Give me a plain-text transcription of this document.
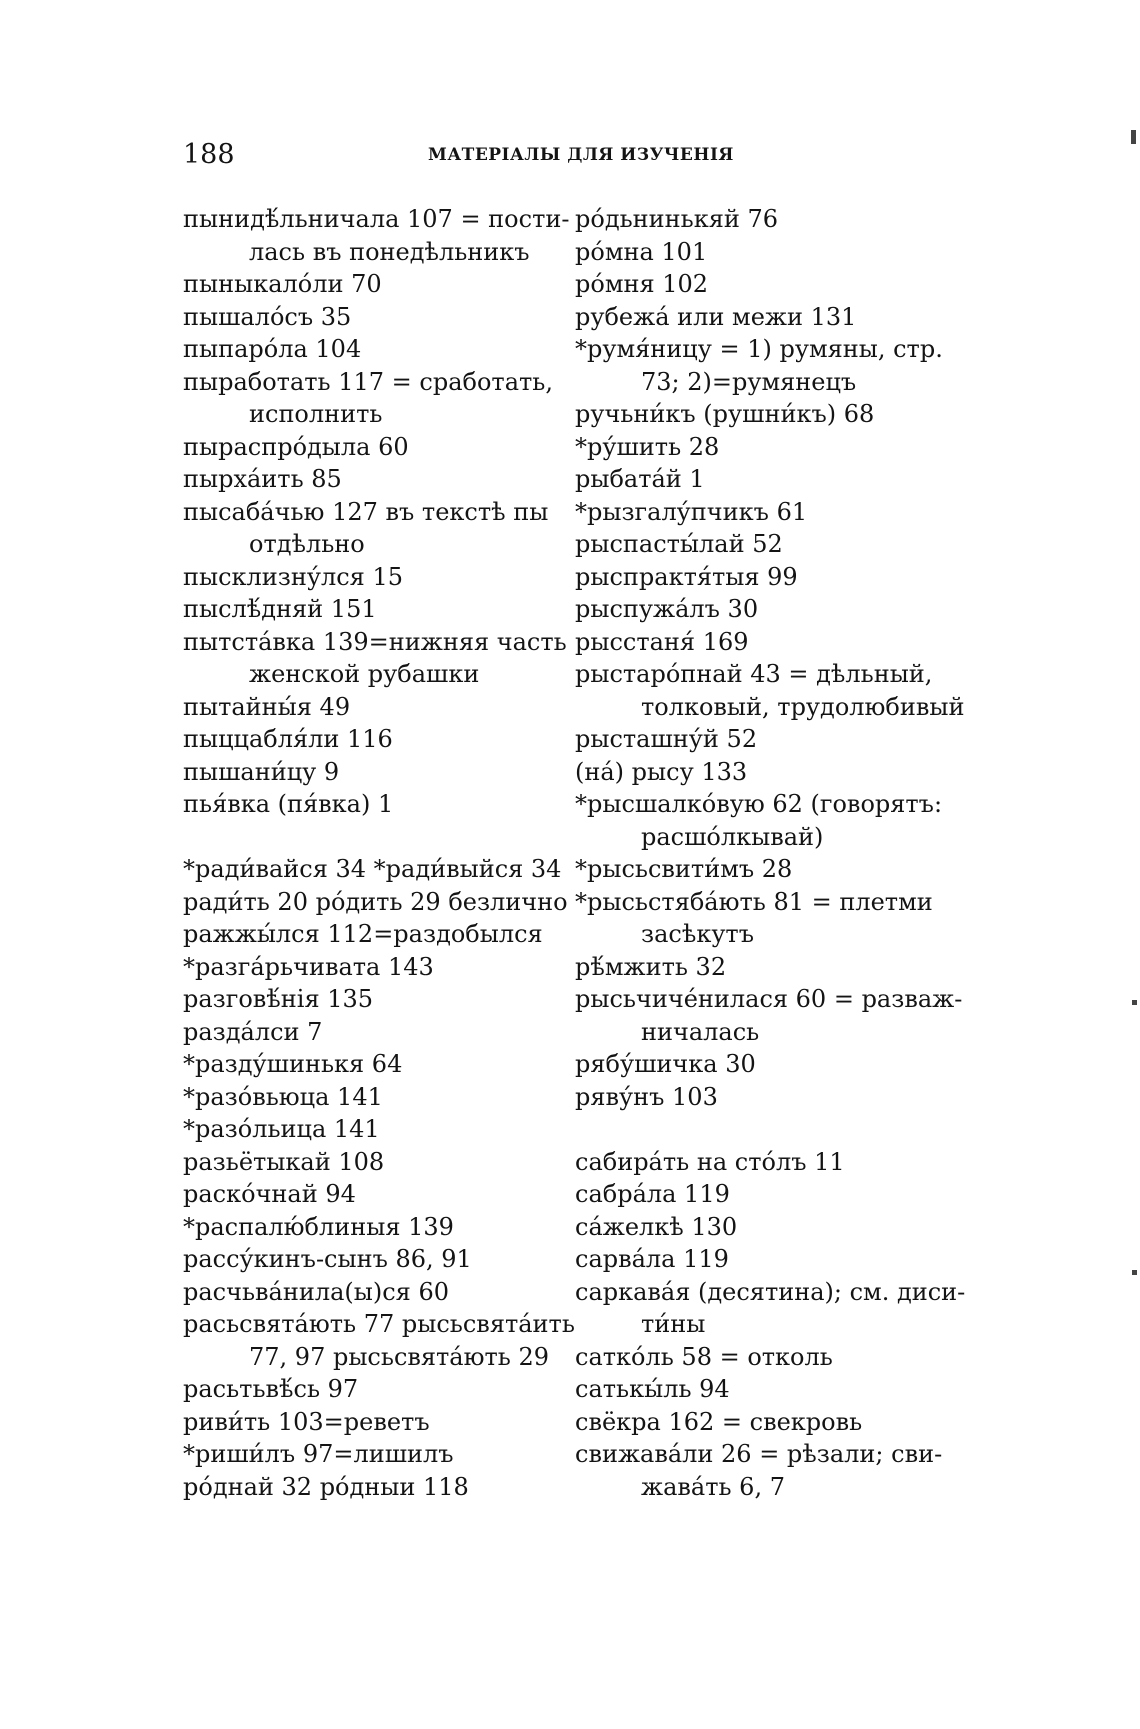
188	МАТЕРІАЛЫ ДЛЯ ИЗУЧЕНІЯ
пынидѣ́льничала 107 = пости-
лась въ понедѣльникъ
пыныкало́ли 70
пышало́съ 35
пыпаро́ла 104
пыработать 117 = сработать,
исполнить
пыраспро́дыла 60
пырха́ить 85
пысаба́чью 127 въ текстѣ пы
отдѣльно
пысклизну́лся 15
пыслѣ́дняй 151
пытста́вка 139=нижняя часть
женской рубашки
пытайны́я 49
пыццабля́ли 116
пышани́цу 9
пья́вка (пя́вка) 1
*ради́вайся 34 *ради́выйся 34
ради́ть 20 ро́дить 29 безлично
ражжы́лся 112=раздобылся
*разга́рьчивата 143
разговѣ́нія 135
разда́лси 7
*разду́шинькя 64
*разо́вьюца 141
*разо́льица 141
разьётыкай 108
раско́чнай 94
*распалю́блиныя 139
рассу́кинъ-сынъ 86, 91
расчьва́нила(ы)ся 60
расьсвята́ють 77 рысьсвята́ить
77, 97 рысьсвята́ють 29
расьтьвѣ́сь 97
риви́ть 103=реветъ
*риши́лъ 97=лишилъ
ро́днай 32 ро́дныи 118
ро́дьнинькяй 76
ро́мна 101
ро́мня 102
рубежа́ или межи 131
*румя́ницу = 1) румяны, стр.
73; 2)=румянецъ
ручьни́къ (рушни́къ) 68
*ру́шить 28
рыбата́й 1
*рызгалу́пчикъ 61
рыспасты́лай 52
рыспрактя́тыя 99
рыспужа́лъ 30
рысстаня́ 169
рыстаро́пнай 43 = дѣльный,
толковый, трудолюбивый
рысташну́й 52
(на́) рысу 133
*рысшалко́вую 62 (говорятъ:
расшо́лкывай)
*рысьсвити́мъ 28
*рысьстяба́ють 81 = плетми
засѣкутъ
рѣ́мжить 32
рысьчиче́нилася 60 = развaж-
ничалась
рябу́шичка 30
ряву́нъ 103
сабира́ть на сто́лъ 11
сабра́ла 119
са́желкѣ 130
сарва́ла 119
саркава́я (десятина); см. диси-
ти́ны
сатко́ль 58 = отколь
сатькы́ль 94
свёкра 162 = свекровь
свижава́ли 26 = рѣзали; сви-
жава́ть 6, 7
